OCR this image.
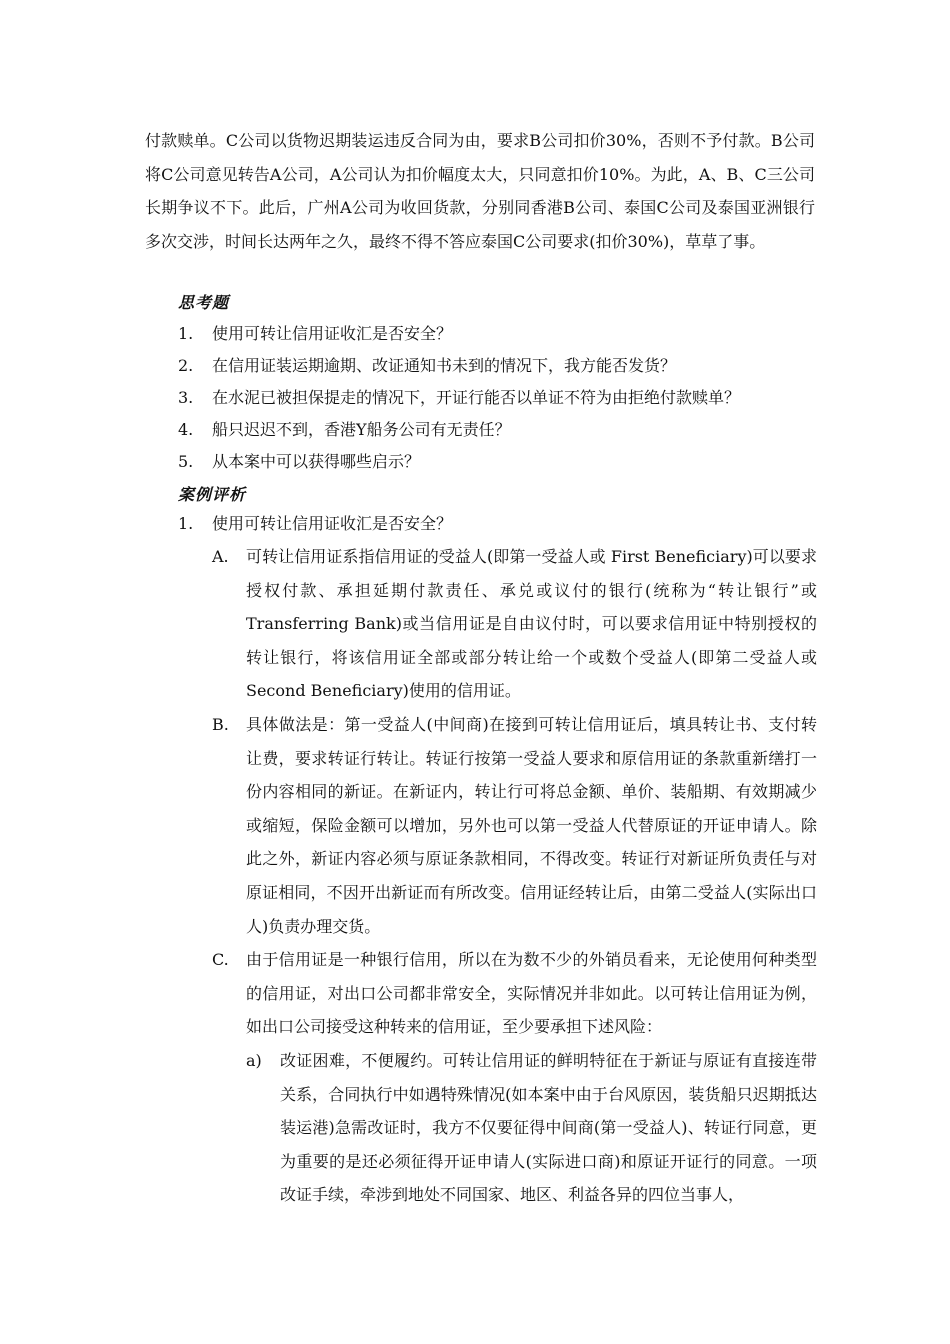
付款赎单。C公司以货物迟期装运违反合同为由，要求B公司扣价30%，否则不予付款。B公司将C公司意见转告A公司，A公司认为扣价幅度太大，只同意扣价10%。为此，A、B、C三公司长期争议不下。此后，广州A公司为收回货款，分别同香港B公司、泰国C公司及泰国亚洲银行多次交涉，时间长达两年之久，最终不得不答应泰国C公司要求(扣价30%)，草草了事。
思考题
1. 使用可转让信用证收汇是否安全？
2. 在信用证装运期逾期、改证通知书未到的情况下，我方能否发货？
3. 在水泥已被担保提走的情况下，开证行能否以单证不符为由拒绝付款赎单？
4. 船只迟迟不到，香港Y船务公司有无责任？
5. 从本案中可以获得哪些启示？
案例评析
1. 使用可转让信用证收汇是否安全？
A. 可转让信用证系指信用证的受益人(即第一受益人或 First Beneficiary)可以要求授权付款、承担延期付款责任、承兑或议付的银行(统称为“转让银行”或Transferring Bank)或当信用证是自由议付时，可以要求信用证中特别授权的转让银行，将该信用证全部或部分转让给一个或数个受益人(即第二受益人或Second Beneficiary)使用的信用证。
B. 具体做法是：第一受益人(中间商)在接到可转让信用证后，填具转让书、支付转让费，要求转证行转让。转证行按第一受益人要求和原信用证的条款重新缮打一份内容相同的新证。在新证内，转让行可将总金额、单价、装船期、有效期减少或缩短，保险金额可以增加，另外也可以第一受益人代替原证的开证申请人。除此之外，新证内容必须与原证条款相同，不得改变。转证行对新证所负责任与对原证相同，不因开出新证而有所改变。信用证经转让后，由第二受益人(实际出口人)负责办理交货。
C. 由于信用证是一种银行信用，所以在为数不少的外销员看来，无论使用何种类型的信用证，对出口公司都非常安全，实际情况并非如此。以可转让信用证为例，如出口公司接受这种转来的信用证，至少要承担下述风险：
a) 改证困难，不便履约。可转让信用证的鲜明特征在于新证与原证有直接连带关系，合同执行中如遇特殊情况(如本案中由于台风原因，装货船只迟期抵达装运港)急需改证时，我方不仅要征得中间商(第一受益人)、转证行同意，更为重要的是还必须征得开证申请人(实际进口商)和原证开证行的同意。一项改证手续，牵涉到地处不同国家、地区、利益各异的四位当事人，
